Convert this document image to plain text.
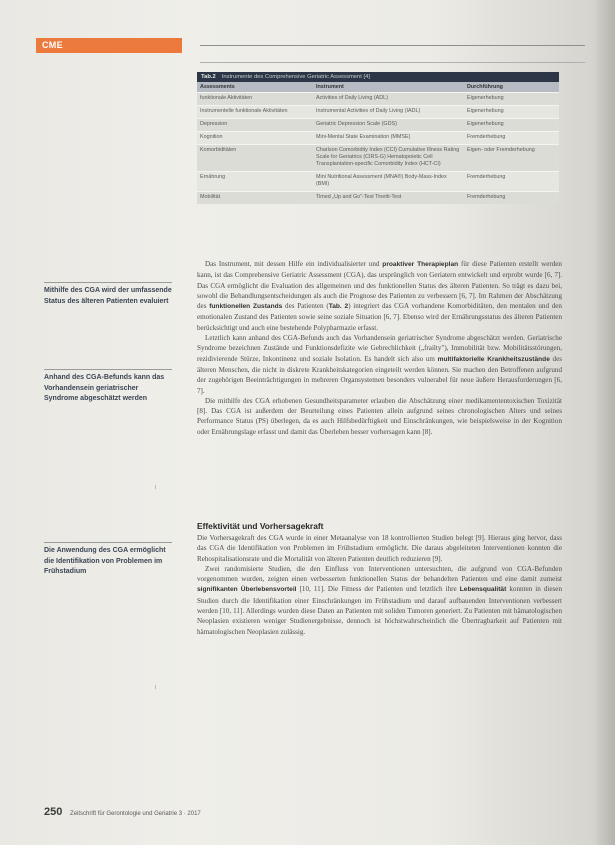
CME
Tab.2 Instrumente des Comprehensive Geriatric Assessment [4]
Assessments	Instrument	Durchführung
funktionale Aktivitäten	Activities of Daily Living (ADL)	Eigenerhebung
Instrumentelle funktionale Aktivitäten	Instrumental Activities of Daily Living (IADL)	Eigenerhebung
Depression	Geriatric Depression Scale (GDS)	Eigenerhebung
Kognition	Mini-Mental State Examination (MMSE)	Fremderhebung
Komorbiditäten	Charlson Comorbidity Index (CCI) Cumulative Illness Rating Scale for Geriatrics (CIRS-G) Hematopoietic Cell Transplantation-specific Comorbidity Index (HCT-CI)	Eigen- oder Fremderhebung
Ernährung	Mini Nutritional Assessment (MNA®) Body-Mass-Index (BMI)	Fremderhebung
Mobilität	Timed „Up and Go"-Test Tinetti-Test	Fremderhebung

Das Instrument, mit dessen Hilfe ein individualisierter und proaktiver Therapieplan für diese Patienten erstellt werden kann, ist das Comprehensive Geriatric Assessment (CGA), das ursprünglich von Geriatern entwickelt und erprobt wurde [6, 7]. Das CGA ermöglicht die Evaluation des allgemeinen und des funktionellen Status des älteren Patienten. So trägt es dazu bei, sowohl die Behandlungsentscheidungen als auch die Prognose des Patienten zu verbessern [6, 7]. Im Rahmen der Abschätzung des funktionellen Zustands des Patienten (Tab. 2) integriert das CGA vorhandene Komorbiditäten, den mentalen und den emotionalen Zustand des Patienten sowie seine soziale Situation [6, 7]. Ebenso wird der Ernährungsstatus des älteren Patienten berücksichtigt und auch eine bestehende Polypharmazie erfasst.

Letztlich kann anhand des CGA-Befunds auch das Vorhandensein geriatrischer Syndrome abgeschätzt werden. Geriatrische Syndrome bezeichnen Zustände und Funktionsdefizite wie Gebrechlichkeit („frailty"), Immobilität bzw. Mobilitätsstörungen, rezidivierende Stürze, Inkontinenz und soziale Isolation. Es handelt sich also um multifaktorielle Krankheitszustände des älteren Menschen, die nicht in diskrete Krankheitskategorien eingeteilt werden können. Sie machen den Betroffenen aufgrund der zugehörigen Beeinträchtigungen in mehreren Organsystemen besonders vulnerabel für neue äußere Herausforderungen [6, 7].

Die mithilfe des CGA erhobenen Gesundheitsparameter erlauben die Abschätzung einer medikamententoxischen Toxizität [8]. Das CGA ist außerdem der Beurteilung eines Patienten allein aufgrund seines chronologischen Alters und seines Performance Status (PS) überlegen, da es auch Hilfsbedürftigkeit und Einschränkungen, wie beispielsweise in der Kognition oder Ernährungslage erfasst und damit das Überleben besser vorhersagen kann [8].

Effektivität und Vorhersagekraft

Die Vorhersagekraft des CGA wurde in einer Metaanalyse von 18 kontrollierten Studien belegt [9]. Hieraus ging hervor, dass das CGA die Identifikation von Problemen im Frühstadium ermöglicht. Die daraus abgeleiteten Interventionen konnten die Rehospitalisationsrate und die Mortalität von älteren Patienten deutlich reduzieren [9].

Zwei randomisierte Studien, die den Einfluss von Interventionen untersuchten, die aufgrund von CGA-Befunden vorgenommen wurden, zeigten einen verbesserten funktionellen Status der behandelten Patienten und eine damit zumeist signifikanten Überlebensvorteil [10, 11]. Die Fitness der Patienten und letztlich ihre Lebensqualität konnten in diesen Studien durch die Identifikation einer Einschränkungen im Frühstadium und darauf aufbauenden Interventionen verbessert werden [10, 11]. Allerdings wurden diese Daten an Patienten mit soliden Tumoren generiert. Zu Patienten mit hämatologischen Neoplasien existieren weniger Studienergebnisse, dennoch ist höchstwahrscheinlich die Übertragbarkeit auf Patienten mit hämatologischen Neoplasien zulässig.

Mithilfe des CGA wird der umfassende Status des älteren Patienten evaluiert
Anhand des CGA-Befunds kann das Vorhandensein geriatrischer Syndrome abgeschätzt werden
Die Anwendung des CGA ermöglicht die Identifikation von Problemen im Frühstadium
250 Zeitschrift für Gerontologie und Geriatrie 3 · 2017
